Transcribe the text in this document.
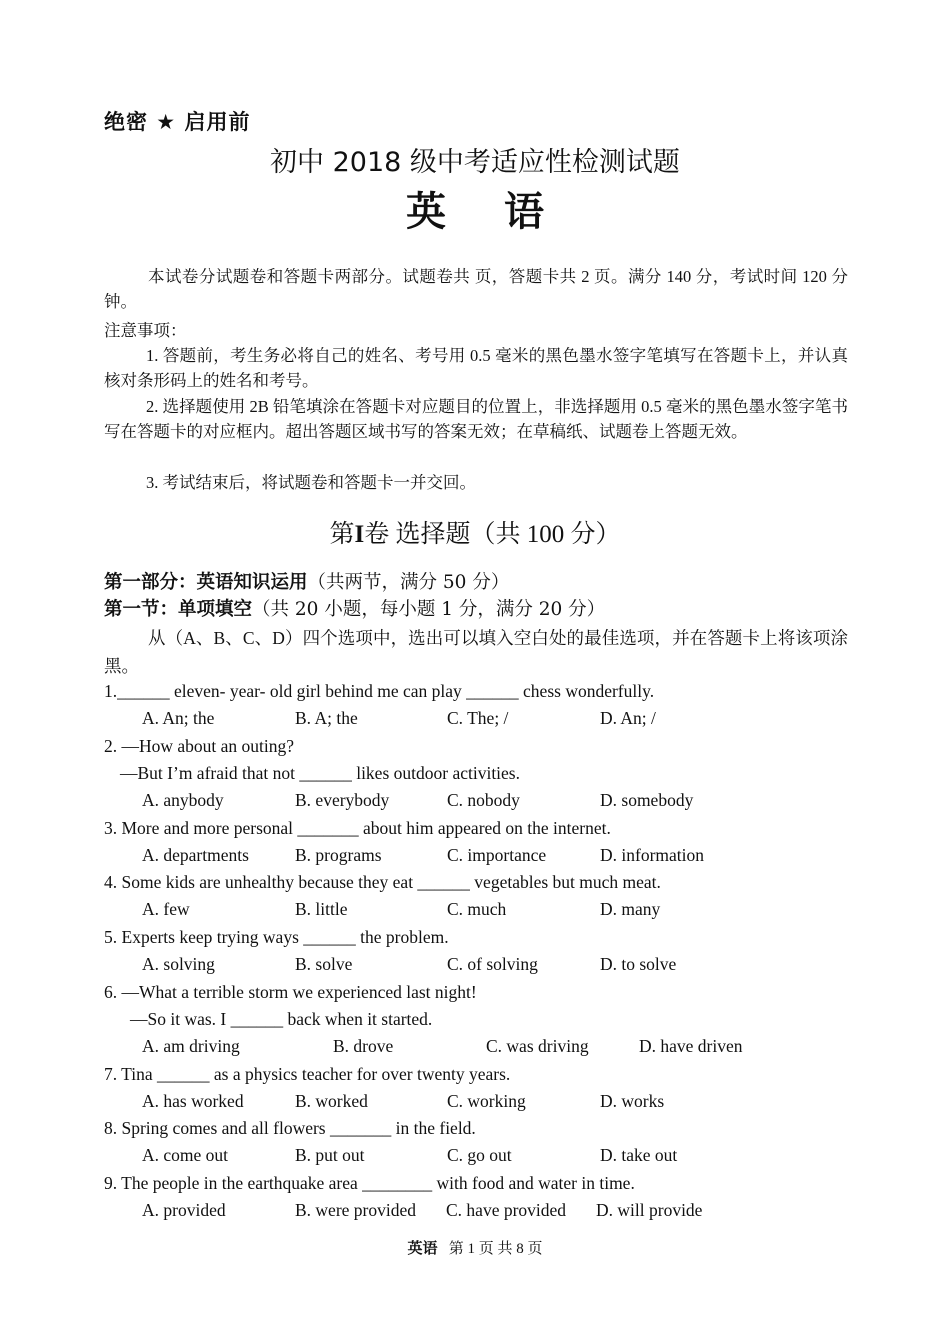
绝密 ★ 启用前
初中 2018 级中考适应性检测试题
英语
本试卷分试题卷和答题卡两部分。试题卷共 页，答题卡共 2 页。满分 140 分，考试时间 120 分钟。
注意事项：
1. 答题前，考生务必将自己的姓名、考号用 0.5 毫米的黑色墨水签字笔填写在答题卡上，并认真核对条形码上的姓名和考号。
2. 选择题使用 2B 铅笔填涂在答题卡对应题目的位置上，非选择题用 0.5 毫米的黑色墨水签字笔书写在答题卡的对应框内。超出答题区域书写的答案无效；在草稿纸、试题卷上答题无效。
3. 考试结束后，将试题卷和答题卡一并交回。
第I卷 选择题（共 100 分）
第一部分：英语知识运用（共两节，满分 50 分）
第一节：单项填空（共 20 小题，每小题 1 分，满分 20 分）
从（A、B、C、D）四个选项中，选出可以填入空白处的最佳选项，并在答题卡上将该项涂黑。
1.______ eleven- year- old girl behind me can play ______ chess wonderfully.
A. An; the	B. A; the	C. The; /	D. An; /
2. —How about an outing?
—But I’m afraid that not ______ likes outdoor activities.
A. anybody	B. everybody	C. nobody	D. somebody
3. More and more personal _______ about him appeared on the internet.
A. departments	B. programs	C. importance	D. information
4. Some kids are unhealthy because they eat ______ vegetables but much meat.
A. few	B. little	C. much	D. many
5. Experts keep trying ways ______ the problem.
A. solving	B. solve	C. of solving	D. to solve
6. —What a terrible storm we experienced last night!
—So it was. I ______ back when it started.
A. am driving	B. drove	C. was driving	D. have driven
7. Tina ______ as a physics teacher for over twenty years.
A. has worked	B. worked	C. working	D. works
8. Spring comes and all flowers _______ in the field.
A. come out	B. put out	C. go out	D. take out
9. The people in the earthquake area ________ with food and water in time.
A. provided	B. were provided C. have provided D. will provide
英语 第 1 页 共 8 页
